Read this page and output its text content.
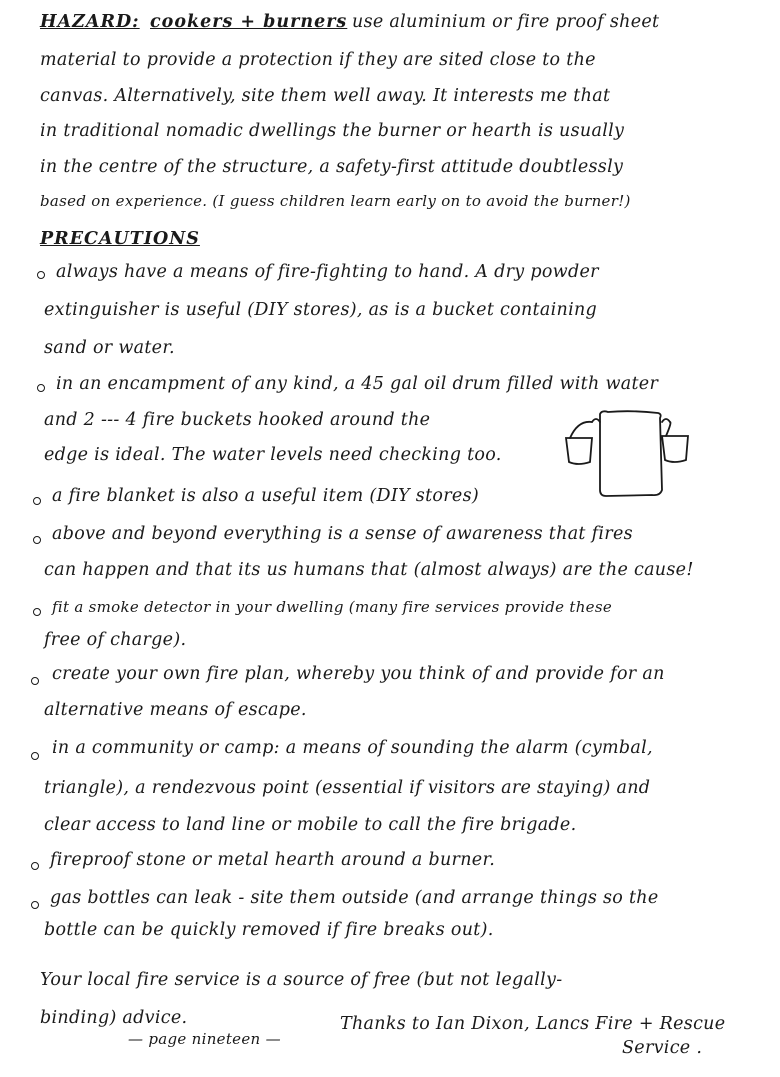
HAZARD: cookers + burners use aluminium or fire proof sheet
material to provide a protection if they are sited close to the
canvas. Alternatively, site them well away. It interests me that
in traditional nomadic dwellings the burner or hearth is usually
in the centre of the structure, a safety-first attitude doubtlessly
based on experience. (I guess children learn early on to avoid the burner!)
PRECAUTIONS
always have a means of fire-fighting to hand. A dry powder
extinguisher is useful (DIY stores), as is a bucket containing
sand or water.
in an encampment of any kind, a 45 gal oil drum filled with water
and 2 --- 4 fire buckets hooked around the
edge is ideal. The water levels need checking too.
a fire blanket is also a useful item (DIY stores)
above and beyond everything is a sense of awareness that fires
can happen and that its us humans that (almost always) are the cause!
fit a smoke detector in your dwelling (many fire services provide these
free of charge).
create your own fire plan, whereby you think of and provide for an
alternative means of escape.
in a community or camp: a means of sounding the alarm (cymbal,
triangle), a rendezvous point (essential if visitors are staying) and
clear access to land line or mobile to call the fire brigade.
fireproof stone or metal hearth around a burner.
gas bottles can leak - site them outside (and arrange things so the
bottle can be quickly removed if fire breaks out).
Your local fire service is a source of free (but not legally-
binding) advice.
— page nineteen —
Thanks to Ian Dixon, Lancs Fire + Rescue
Service .
